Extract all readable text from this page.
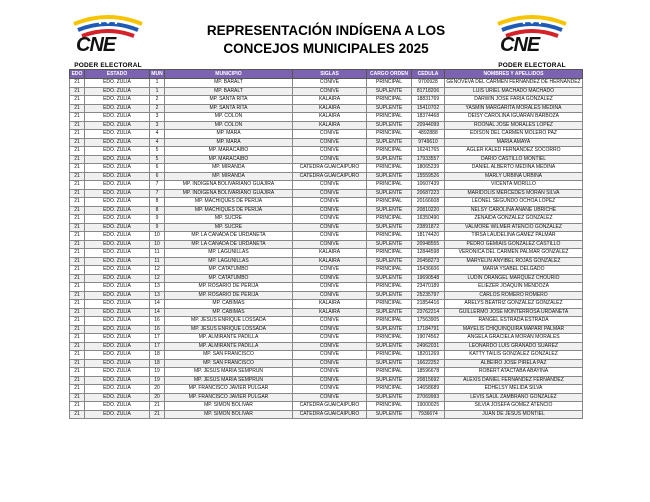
CNE
PODER ELECTORAL
CNE
PODER ELECTORAL
REPRESENTACIÓN INDÍGENA A LOS
CONCEJOS MUNICIPALES 2025
EDO	ESTADO	MUN	MUNICIPIO	SIGLAS	CARGO ORDEN	CEDULA	NOMBRES Y APELLIDOS
21	EDO. ZULIA	1	MP. BARALT	CONIVE	PRINCIPAL	9700928	GENOVEVA DEL CARMEN FERNANDEZ DE HERNANDEZ
21	EDO. ZULIA	1	MP. BARALT	CONIVE	SUPLENTE	81718206	LUIS URIEL MACHADO MACHADO
21	EDO. ZULIA	2	MP. SANTA RITA	KALAIRA	PRINCIPAL	18831769	DARWIN JOSE FARIA GONZALEZ
21	EDO. ZULIA	2	MP. SANTA RITA	KALAIRA	SUPLENTE	15410702	YASMIN MARGARITA MORALES MEDINA
21	EDO. ZULIA	3	MP. COLON	KALAIRA	PRINCIPAL	18374468	DEISY CAROLINA IGUARAN BARBOZA
21	EDO. ZULIA	3	MP. COLON	KALAIRA	SUPLENTE	20944099	ROONAL JOSE MORALES LOPEZ
21	EDO. ZULIA	4	MP. MARA	CONIVE	PRINCIPAL	4892888	EDISON DEL CARMEN MOLERO PAZ
21	EDO. ZULIA	4	MP. MARA	CONIVE	SUPLENTE	9749610	MARIA AMAYA
21	EDO. ZULIA	5	MP. MARACAIBO	CONIVE	PRINCIPAL	16241765	AGLER KALED FERNANDEZ SOCORRO
21	EDO. ZULIA	5	MP. MARACAIBO	CONIVE	SUPLENTE	17933557	DARIO CASTILLO MONTIEL
21	EDO. ZULIA	6	MP. MIRANDA	CATEDRA GUAICAIPURO	PRINCIPAL	18065239	DANIEL ALBERTO MEDINA MEDINA
21	EDO. ZULIA	6	MP. MIRANDA	CATEDRA GUAICAIPURO	SUPLENTE	15559526	MARLY URBINA URBINA
21	EDO. ZULIA	7	MP. INDIGENA BOLIVARIANO GUAJIRA	CONIVE	PRINCIPAL	10607439	VICENTA MORILLO
21	EDO. ZULIA	7	MP. INDIGENA BOLIVARIANO GUAJIRA	CONIVE	SUPLENTE	20687223	MARIDOLIS MERCEDES MORAN SILVA
21	EDO. ZULIA	8	MP. MACHIQUES DE PERIJA	CONIVE	PRINCIPAL	20166608	LEONEL SEGUNDO OCHOA LOPEZ
21	EDO. ZULIA	8	MP. MACHIQUES DE PERIJA	CONIVE	SUPLENTE	20810220	NELSY CAROLINA ANANE UBRICHE
21	EDO. ZULIA	9	MP. SUCRE	CONIVE	PRINCIPAL	16350490	ZENAIDA GONZALEZ GONZALEZ
21	EDO. ZULIA	9	MP. SUCRE	CONIVE	SUPLENTE	23891872	VALMORE WILMER ATENCIO GONZALEZ
21	EDO. ZULIA	10	MP. LA CAÑADA DE URDANETA	CONIVE	PRINCIPAL	18174420	TIRSA LAUDELINA GAMEZ PALMAR
21	EDO. ZULIA	10	MP. LA CAÑADA DE URDANETA	CONIVE	SUPLENTE	20948555	PEDRO GEMIAIS GONZALEZ CASTILLO
21	EDO. ZULIA	11	MP. LAGUNILLAS	KALAIRA	PRINCIPAL	12844598	VERONICA DEL CARMEN PALMAR GONZALEZ
21	EDO. ZULIA	11	MP. LAGUNILLAS	KALAIRA	SUPLENTE	20458273	MARYELIN ANYIBEL ROJAS GONZALEZ
21	EDO. ZULIA	12	MP. CATATUMBO	CONIVE	PRINCIPAL	15436606	MARIA YSABEL DELGADO
21	EDO. ZULIA	12	MP. CATATUMBO	CONIVE	SUPLENTE	19690548	LUDIN ORANGEL MARQUEZ CHOURIO
21	EDO. ZULIA	13	MP. ROSARIO DE PERIJA	CONIVE	PRINCIPAL	23470189	ELIEZER JOAQUIN MENDOZA
21	EDO. ZULIA	13	MP. ROSARIO DE PERIJA	CONIVE	SUPLENTE	25235797	CARLOS ROMERO ROMERO
21	EDO. ZULIA	14	MP. CABIMAS	KALAIRA	PRINCIPAL	21854416	ARELYS BEATRIZ GONZALEZ GONZALEZ
21	EDO. ZULIA	14	MP. CABIMAS	KALAIRA	SUPLENTE	23762214	GUILLERMO JOSE MONTERROSA URDANETA
21	EDO. ZULIA	16	MP. JESUS ENRIQUE LOSSADA	CONIVE	PRINCIPAL	17563905	RANGEL ESTRADA ESTRADA
21	EDO. ZULIA	16	MP. JESUS ENRIQUE LOSSADA	CONIVE	SUPLENTE	17184791	MAYELIS CHIQUINQUIRA MAPARI PALMAR
21	EDO. ZULIA	17	MP. ALMIRANTE PADILLA	CONIVE	PRINCIPAL	19074562	ANGELA GRACIELA MORAN MORALES
21	EDO. ZULIA	17	MP. ALMIRANTE PADILLA	CONIVE	SUPLENTE	24962031	LEONARDO LUIS GRANADO SUAREZ
21	EDO. ZULIA	18	MP. SAN FRANCISCO	CONIVE	PRINCIPAL	18201269	KATTY TAILIS GONZALEZ GONZALEZ
21	EDO. ZULIA	18	MP. SAN FRANCISCO	CONIVE	SUPLENTE	16622252	ALBEIRO JOSE PIRELA PAZ
21	EDO. ZULIA	19	MP. JESUS MARIA SEMPRUN	CONIVE	PRINCIPAL	18596678	ROBERT ATACTABA ABAYINA
21	EDO. ZULIA	19	MP. JESUS MARIA SEMPRUN	CONIVE	SUPLENTE	20815692	ALEXIS DANIEL FERNANDEZ FERNANDEZ
21	EDO. ZULIA	20	MP. FRANCISCO JAVIER PULGAR	CONIVE	PRINCIPAL	14658689	EDHELSY MELIDA SILVA
21	EDO. ZULIA	20	MP. FRANCISCO JAVIER PULGAR	CONIVE	SUPLENTE	27069993	LEVIS SAUL ZAMBRANO GONZALEZ
21	EDO. ZULIA	21	MP. SIMON BOLIVAR	CATEDRA GUAICAIPURO	PRINCIPAL	19000025	SILVIA JOSEFA GOMEZ ATENCIO
21	EDO. ZULIA	21	MP. SIMON BOLIVAR	CATEDRA GUAICAIPURO	SUPLENTE	7936674	JUAN DE JESUS MONTIEL
